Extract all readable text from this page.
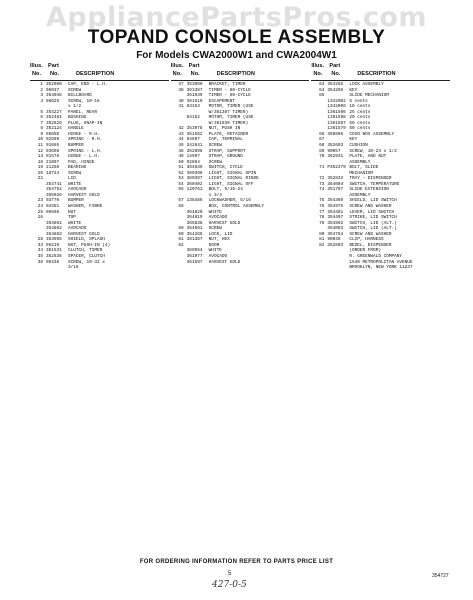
AppliancePartsPros.com
TOPAND CONSOLE ASSEMBLY
For Models CWA2000W1 and CWA2004W1
Illus. Part
No. No.	DESCRIPTION
1 352060	CAP, END - L.H.
2 96037	SCREW
3 354048	BILLBOARD
4 96625	SCREW, 10-16
x 1/2
5 354227	PANEL, REAR
6 352481	BUSHING
7 352629	PLUG, SNAP-IN
8 352124	HANDLE
9 95650	HINGE - R.H.
10 92599	SPRING - R.H.
11 91665	BUMPER
12 93698	SPRING - L.H.
13 91578	HINGE - L.H.
18 21097	PAD, HINGE
19 21258	BEARING
20 18724	SCREW
22	LID
354741	WHITE
354752	AVOCADO
355026	HARVEST GOLD
23 93770	BUMPER
24 94351	WASHER, FIBRE
25 96598	NUT
26	TOP
354861	WHITE
354862	AVOCADO
354863	HARVEST GOLD
28 353965	SHIELD, SPLASH
33 96219	NUT, PUSH-IN (4)
34 361531	CLUTCH, TIMER
35 352638	SPACER, CLUTCH
36 96436	SCREW, 10-32 x
3/16
Illus. Part
No. No.	DESCRIPTION
37 353980	BRACKET, TIMER
38 361387	TIMER - 60-CYCLE
361939	TIMER - 50-CYCLE
40 361510	ESCAPEMENT
41 83153	MOTOR, TIMER (USE
W/361387 TIMER)
84152	MOTOR, TIMER (USE
W/361939 TIMER)
42 353978	NUT, PUSH IN
43 351562	PLATE, RETAINER
44 94697	CAP, TERMINAL
45 342641	SCREW
46 352896	STRAP, SUPPORT
49 14997	STRAP, GROUND
50 92864	SCREW
51 364639	SWITCH, CYCLE
52 360396	LIGHT, SIGNAL SPIN
53 360397	LIGHT, SIGNAL RINSE
54 360402	LIGHT, SIGNAL OFF
55 120761	BOLT, 5/16-24
x 3/4
57 138486	LOCKWASHER, 5/16
58	BOX, CONTROL ASSEMBLY
364820	WHITE
364819	AVOCADO
365838	HARVEST GOLD
59 354891	SCREW
60 354266	LOCK, LID
61 361387	NUT, HEX
62	DOOR
360554	WHITE
361077	AVOCADO
361597	HARVEST GOLD
Illus. Part
No. No.	DESCRIPTION
63 354265	LOCK ASSEMBLY
64 354296	KEY
65	SLIDE MECHANISM
1342002 5 cents
1342006 10 cents
1361596 25 cents
1361598 20 cents
1361597 50 cents
1361579 50 cents
66 360896	COIN BOX ASSEMBLY
67	KEY
68 352603	CUSHION
69 90057	SCREW, 10-24 x 1/2
70 362931	PLATE, AND NUT
ASSEMBLY
71 P352479 BOLT, SLIDE
MECHANISM
72 352833	TRAY - DISPENSER
73 364004	SWITCH, TEMPERATURE
74 351797	SLIDE EXTENSION
ASSEMBLY
75 354389	SHIELD, LID SWITCH
76 354975	SCREW AND WASHER
77 354481	LEVER, LID SWITCH
78 354497	STRIKE, LID SWITCH
79 354992	SWITCH, LID (ALT.)
364093	SWITCH, LID (ALT.)
80 354764	SCREW AND WASHER
81 90036	CLIP, HARNESS
82 352603	BEZEL, DISPENSER
(ORDER FROM)
R. GREENWALD COMPANY
1540 METROPOLITAN AVENUE
BROOKLYN, NEW YORK 11237
FOR ORDERING INFORMATION REFER TO PARTS PRICE LIST
5	354727
427-0-5
